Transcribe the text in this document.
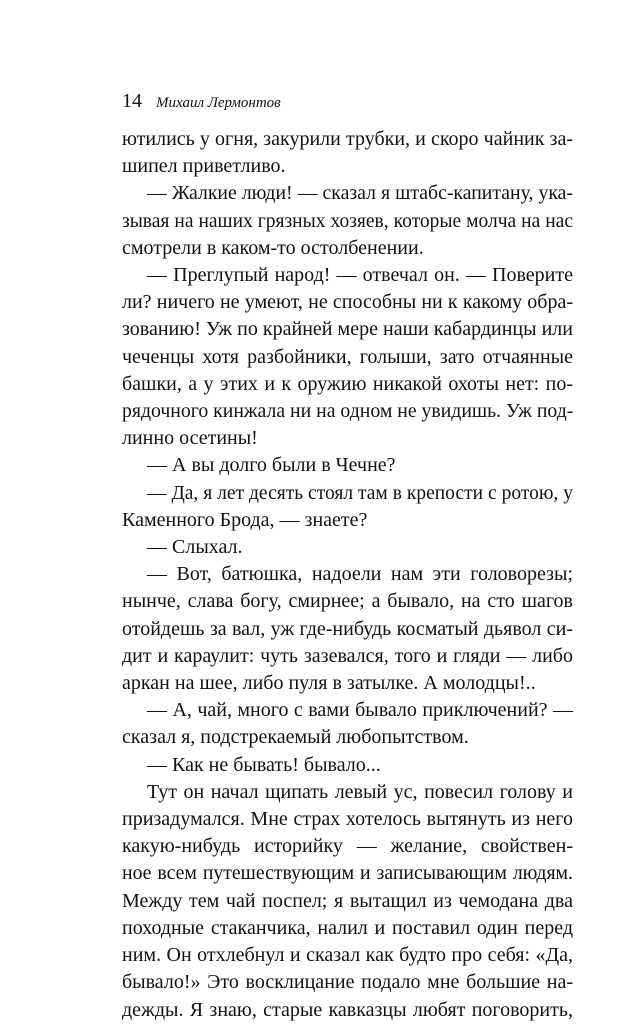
14 Михаил Лермонтов
ютились у огня, закурили трубки, и скоро чайник за-
шипел приветливо.
— Жалкие люди! — сказал я штабс-капитану, ука-
зывая на наших грязных хозяев, которые молча на нас
смотрели в каком-то остолбенении.
— Преглупый народ! — отвечал он. — Поверите
ли? ничего не умеют, не способны ни к какому обра-
зованию! Уж по крайней мере наши кабардинцы или
чеченцы хотя разбойники, голыши, зато отчаянные
башки, а у этих и к оружию никакой охоты нет: по-
рядочного кинжала ни на одном не увидишь. Уж под-
линно осетины!
— А вы долго были в Чечне?
— Да, я лет десять стоял там в крепости с ротою, у
Каменного Брода, — знаете?
— Слыхал.
— Вот, батюшка, надоели нам эти головорезы;
нынче, слава богу, смирнее; а бывало, на сто шагов
отойдешь за вал, уж где-нибудь косматый дьявол си-
дит и караулит: чуть зазевался, того и гляди — либо
аркан на шее, либо пуля в затылке. А молодцы!..
— А, чай, много с вами бывало приключений? —
сказал я, подстрекаемый любопытством.
— Как не бывать! бывало...
Тут он начал щипать левый ус, повесил голову и
призадумался. Мне страх хотелось вытянуть из него
какую-нибудь историйку — желание, свойствен-
ное всем путешествующим и записывающим людям.
Между тем чай поспел; я вытащил из чемодана два
походные стаканчика, налил и поставил один перед
ним. Он отхлебнул и сказал как будто про себя: «Да,
бывало!» Это восклицание подало мне большие на-
дежды. Я знаю, старые кавказцы любят поговорить,
